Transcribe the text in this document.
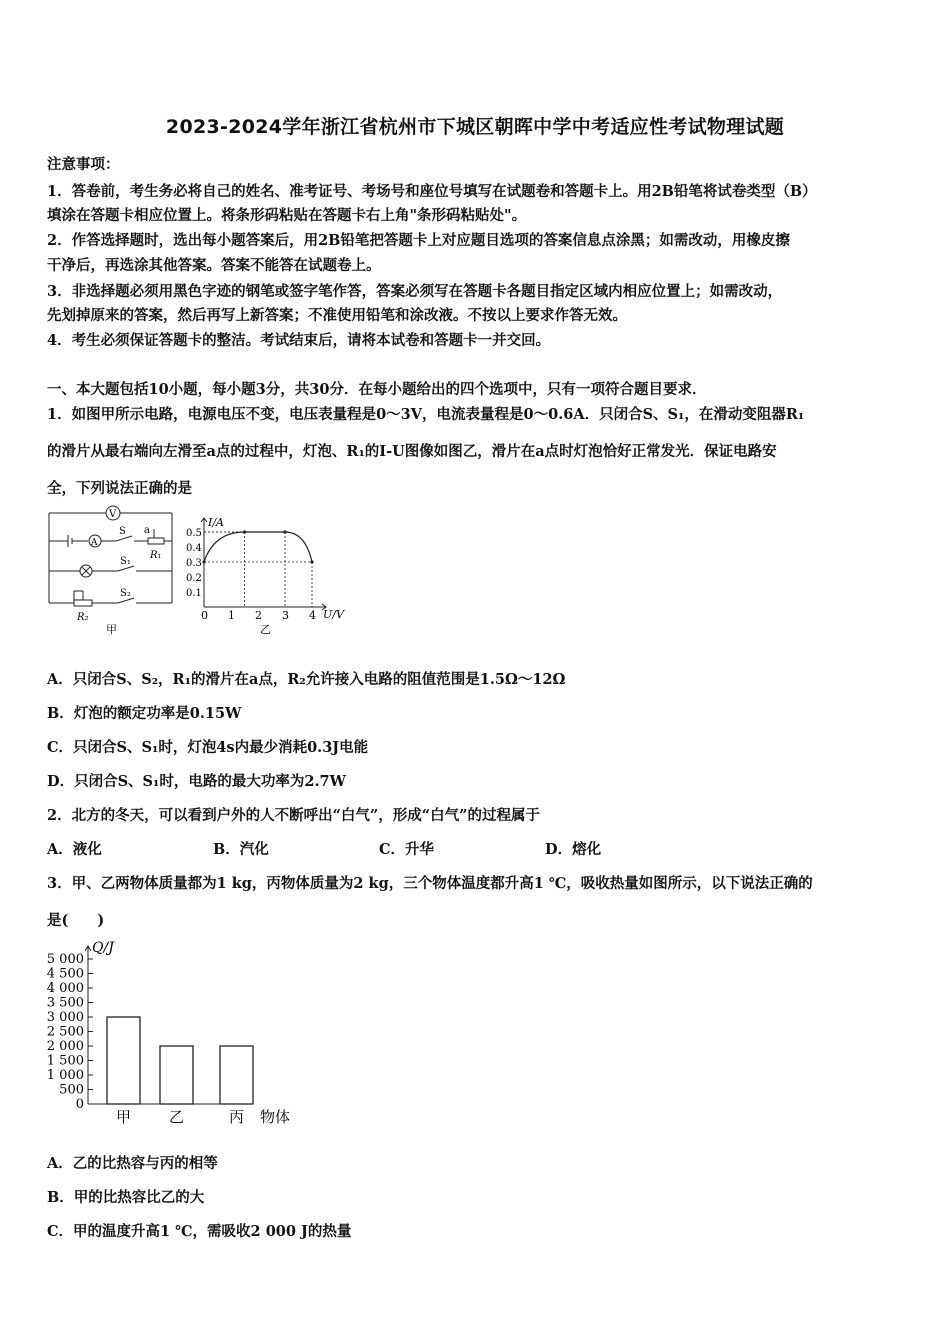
2023-2024学年浙江省杭州市下城区朝晖中学中考适应性考试物理试题
注意事项：
1．答卷前，考生务必将自己的姓名、准考证号、考场号和座位号填写在试题卷和答题卡上。用2B铅笔将试卷类型（B）
填涂在答题卡相应位置上。将条形码粘贴在答题卡右上角"条形码粘贴处"。
2．作答选择题时，选出每小题答案后，用2B铅笔把答题卡上对应题目选项的答案信息点涂黑；如需改动，用橡皮擦
干净后，再选涂其他答案。答案不能答在试题卷上。
3．非选择题必须用黑色字迹的钢笔或签字笔作答，答案必须写在答题卡各题目指定区域内相应位置上；如需改动，
先划掉原来的答案，然后再写上新答案；不准使用铅笔和涂改液。不按以上要求作答无效。
4．考生必须保证答题卡的整洁。考试结束后，请将本试卷和答题卡一并交回。
一、本大题包括10小题，每小题3分，共30分．在每小题给出的四个选项中，只有一项符合题目要求．
1．如图甲所示电路，电源电压不变，电压表量程是0～3V，电流表量程是0～0.6A．只闭合S、S₁，在滑动变阻器R₁
的滑片从最右端向左滑至a点的过程中，灯泡、R₁的I-U图像如图乙，滑片在a点时灯泡恰好正常发光．保证电路安
全，下列说法正确的是
V
A
S a
R₁
S₁
S₂
R₂
甲
0 1 2 3 4
0.1
0.2
0.3
0.4
0.5
I/A
U/V
乙
A．只闭合S、S₂，R₁的滑片在a点，R₂允许接入电路的阻值范围是1.5Ω～12Ω
B．灯泡的额定功率是0.15W
C．只闭合S、S₁时，灯泡4s内最少消耗0.3J电能
D．只闭合S、S₁时，电路的最大功率为2.7W
2．北方的冬天，可以看到户外的人不断呼出“白气”，形成“白气”的过程属于
A．液化	B．汽化	C．升华	D．熔化
3．甲、乙两物体质量都为1 kg，丙物体质量为2 kg，三个物体温度都升高1 ℃，吸收热量如图所示，以下说法正确的
是(　　)
0
500
1 000
1 500
2 000
2 500
3 000
3 500
4 000
4 500
5 000
甲	乙	丙
Q/J
物体
A．乙的比热容与丙的相等
B．甲的比热容比乙的大
C．甲的温度升高1 ℃，需吸收2 000 J的热量
